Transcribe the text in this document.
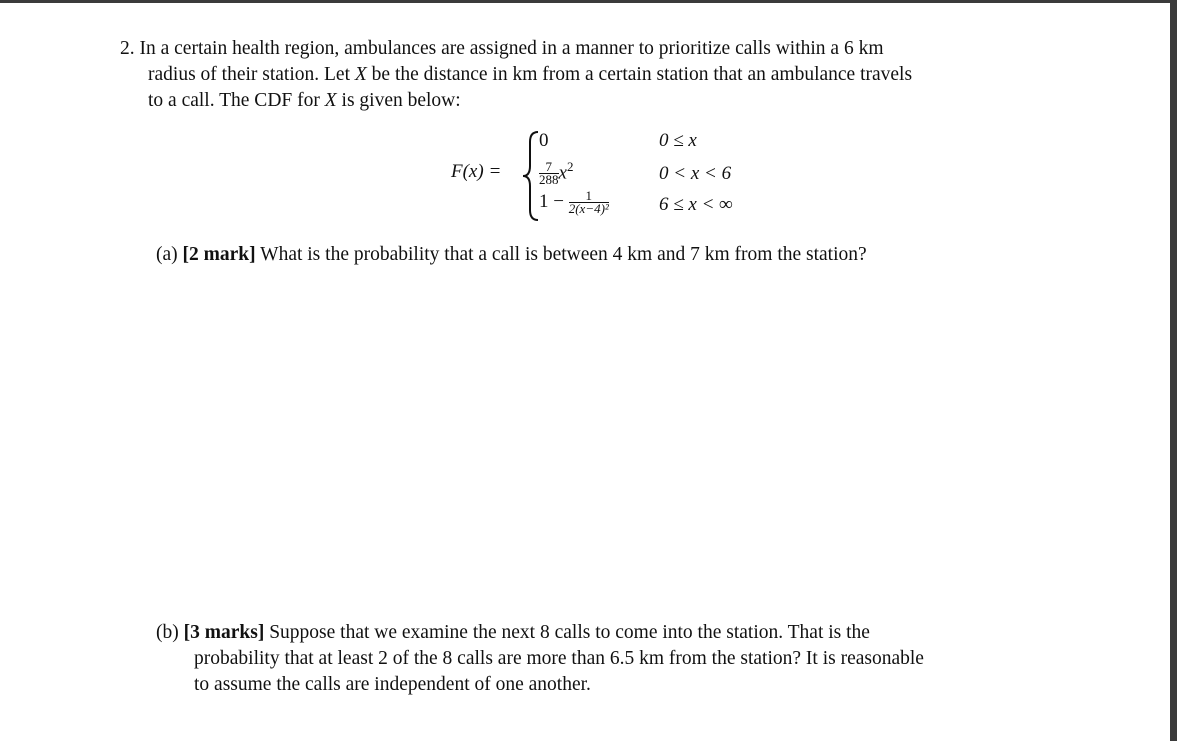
2. In a certain health region, ambulances are assigned in a manner to prioritize calls within a 6 km
radius of their station. Let X be the distance in km from a certain station that an ambulance travels
to a call. The CDF for X is given below:
F(x) =
0	0 ≤ x
$\frac{7}{288} x^2$	0 < x < 6
$1 - \frac{1}{\text{2(x−4)²}}$	6 ≤ x < ∞
(a) [2 mark] What is the probability that a call is between 4 km and 7 km from the station?
(b) [3 marks] Suppose that we examine the next 8 calls to come into the station. That is the
probability that at least 2 of the 8 calls are more than 6.5 km from the station? It is reasonable
to assume the calls are independent of one another.
